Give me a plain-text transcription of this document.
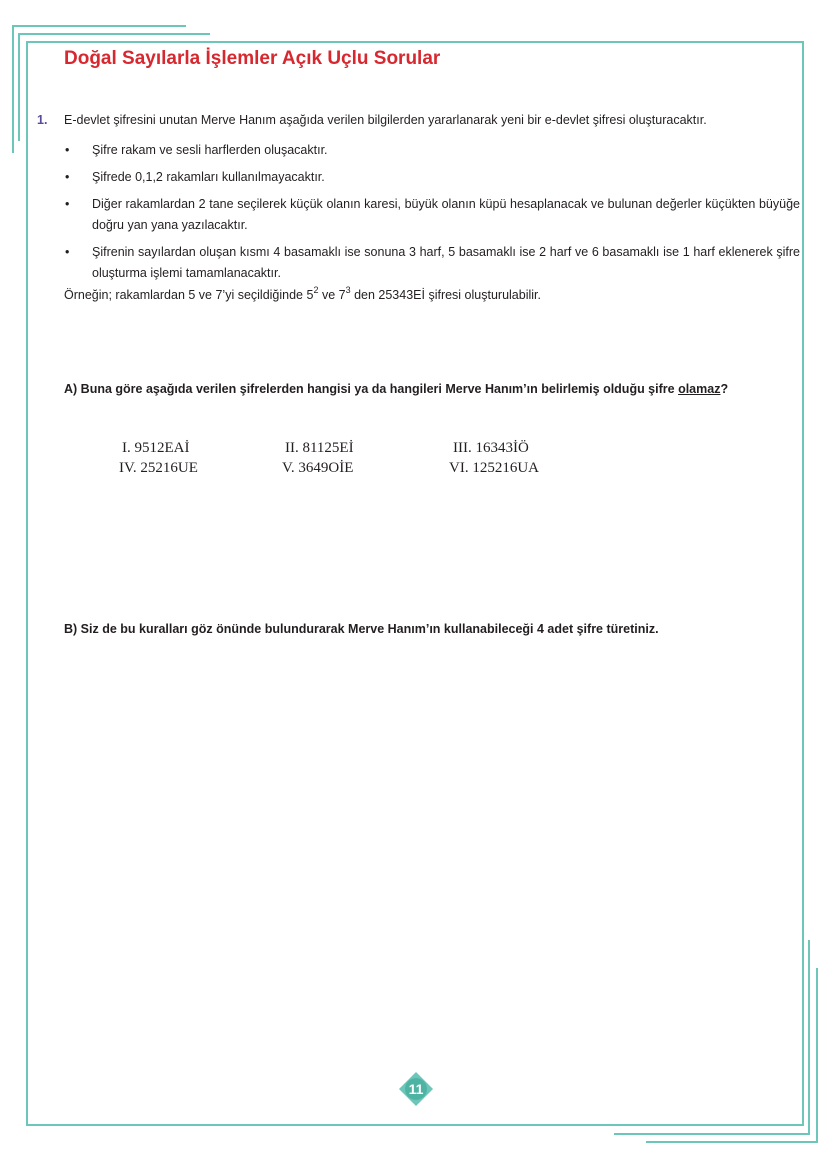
Doğal Sayılarla İşlemler Açık Uçlu Sorular
1. E-devlet şifresini unutan Merve Hanım aşağıda verilen bilgilerden yararlanarak yeni bir e-devlet şifresi oluşturacaktır.
• Şifre rakam ve sesli harflerden oluşacaktır.
• Şifrede 0,1,2 rakamları kullanılmayacaktır.
• Diğer rakamlardan 2 tane seçilerek küçük olanın karesi, büyük olanın küpü hesaplanacak ve bulunan değerler küçükten büyüğe doğru yan yana yazılacaktır.
• Şifrenin sayılardan oluşan kısmı 4 basamaklı ise sonuna 3 harf, 5 basamaklı ise 2 harf ve 6 basamaklı ise 1 harf eklenerek şifre oluşturma işlemi tamamlanacaktır.
Örneğin; rakamlardan 5 ve 7’yi seçildiğinde $5^2$ ve $7^3$ den 25343Eİ şifresi oluşturulabilir.
A) Buna göre aşağıda verilen şifrelerden hangisi ya da hangileri Merve Hanım’ın belirlemiş olduğu şifre olamaz?
I. 9512EAİ	II. 81125Eİ	III. 16343İÖ
IV. 25216UE	V. 3649OİE	VI. 125216UA
B) Siz de bu kuralları göz önünde bulundurarak Merve Hanım’ın kullanabileceği 4 adet şifre türetiniz.
11
